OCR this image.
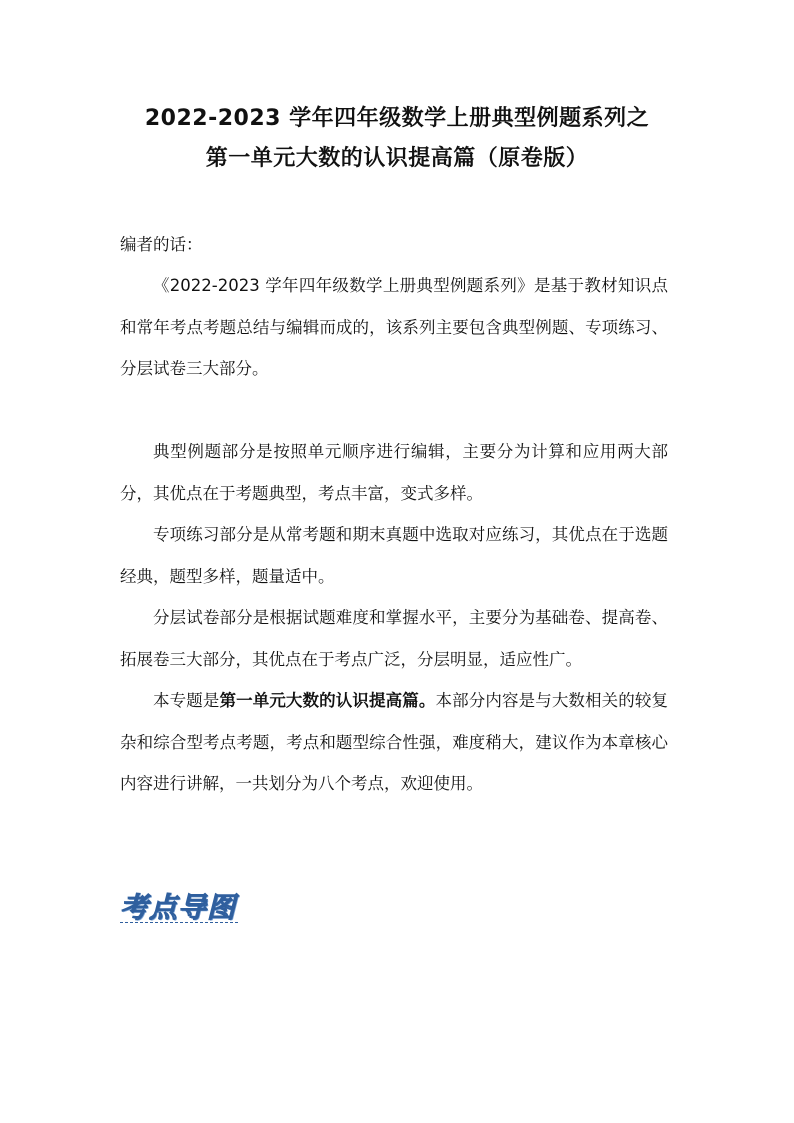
2022-2023 学年四年级数学上册典型例题系列之
第一单元大数的认识提高篇（原卷版）
编者的话：
《2022-2023 学年四年级数学上册典型例题系列》是基于教材知识点和常年考点考题总结与编辑而成的，该系列主要包含典型例题、专项练习、分层试卷三大部分。
典型例题部分是按照单元顺序进行编辑，主要分为计算和应用两大部分，其优点在于考题典型，考点丰富，变式多样。
专项练习部分是从常考题和期末真题中选取对应练习，其优点在于选题经典，题型多样，题量适中。
分层试卷部分是根据试题难度和掌握水平，主要分为基础卷、提高卷、拓展卷三大部分，其优点在于考点广泛，分层明显，适应性广。
本专题是第一单元大数的认识提高篇。本部分内容是与大数相关的较复杂和综合型考点考题，考点和题型综合性强，难度稍大，建议作为本章核心内容进行讲解，一共划分为八个考点，欢迎使用。
考点导图
